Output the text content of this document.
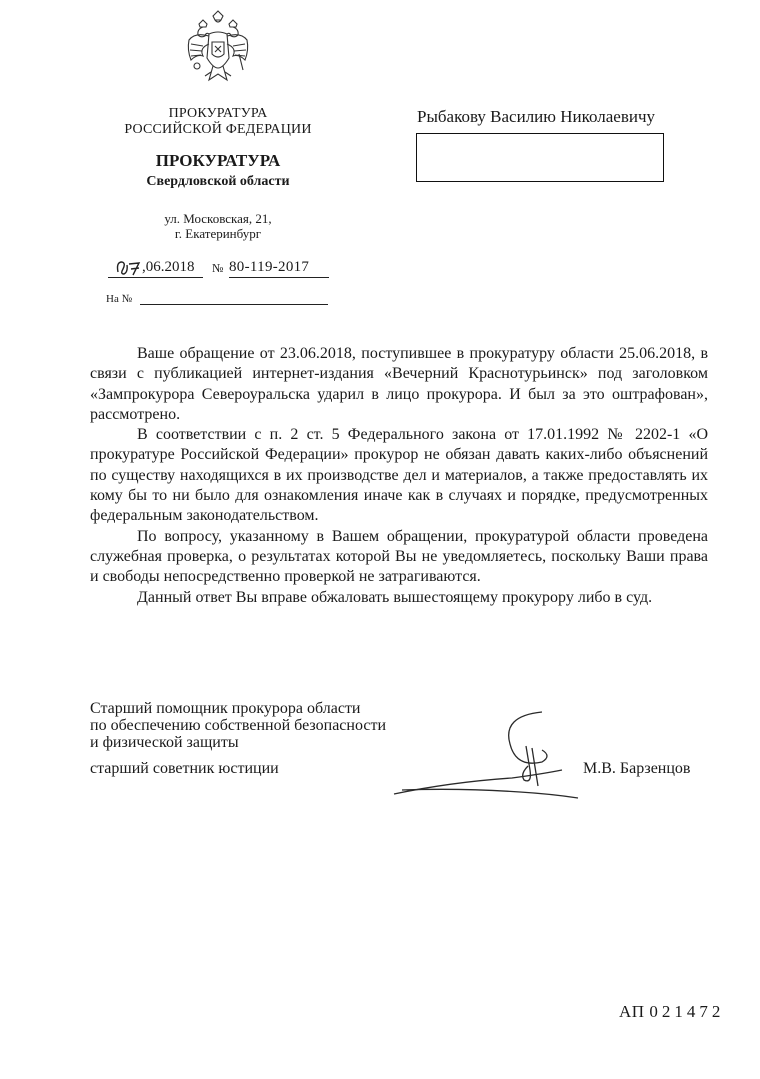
ПРОКУРАТУРА
РОССИЙСКОЙ ФЕДЕРАЦИИ
ПРОКУРАТУРА
Свердловской области
ул. Московская, 21,
г. Екатеринбург
,06.2018 № 80-119-2017
На №
Рыбакову Василию Николаевичу

Ваше обращение от 23.06.2018, поступившее в прокуратуру области 25.06.2018, в связи с публикацией интернет-издания «Вечерний Краснотурьинск» под заголовком «Зампрокурора Североуральска ударил в лицо прокурора. И был за это оштрафован», рассмотрено.

В соответствии с п. 2 ст. 5 Федерального закона от 17.01.1992 № 2202-1 «О прокуратуре Российской Федерации» прокурор не обязан давать каких-либо объяснений по существу находящихся в их производстве дел и материалов, а также предоставлять их кому бы то ни было для ознакомления иначе как в случаях и порядке, предусмотренных федеральным законодательством.

По вопросу, указанному в Вашем обращении, прокуратурой области проведена служебная проверка, о результатах которой Вы не уведомляетесь, поскольку Ваши права и свободы непосредственно проверкой не затрагиваются.

Данный ответ Вы вправе обжаловать вышестоящему прокурору либо в суд.

Старший помощник прокурора области
по обеспечению собственной безопасности
и физической защиты
старший советник юстиции	М.В. Барзенцов
АП 021472
